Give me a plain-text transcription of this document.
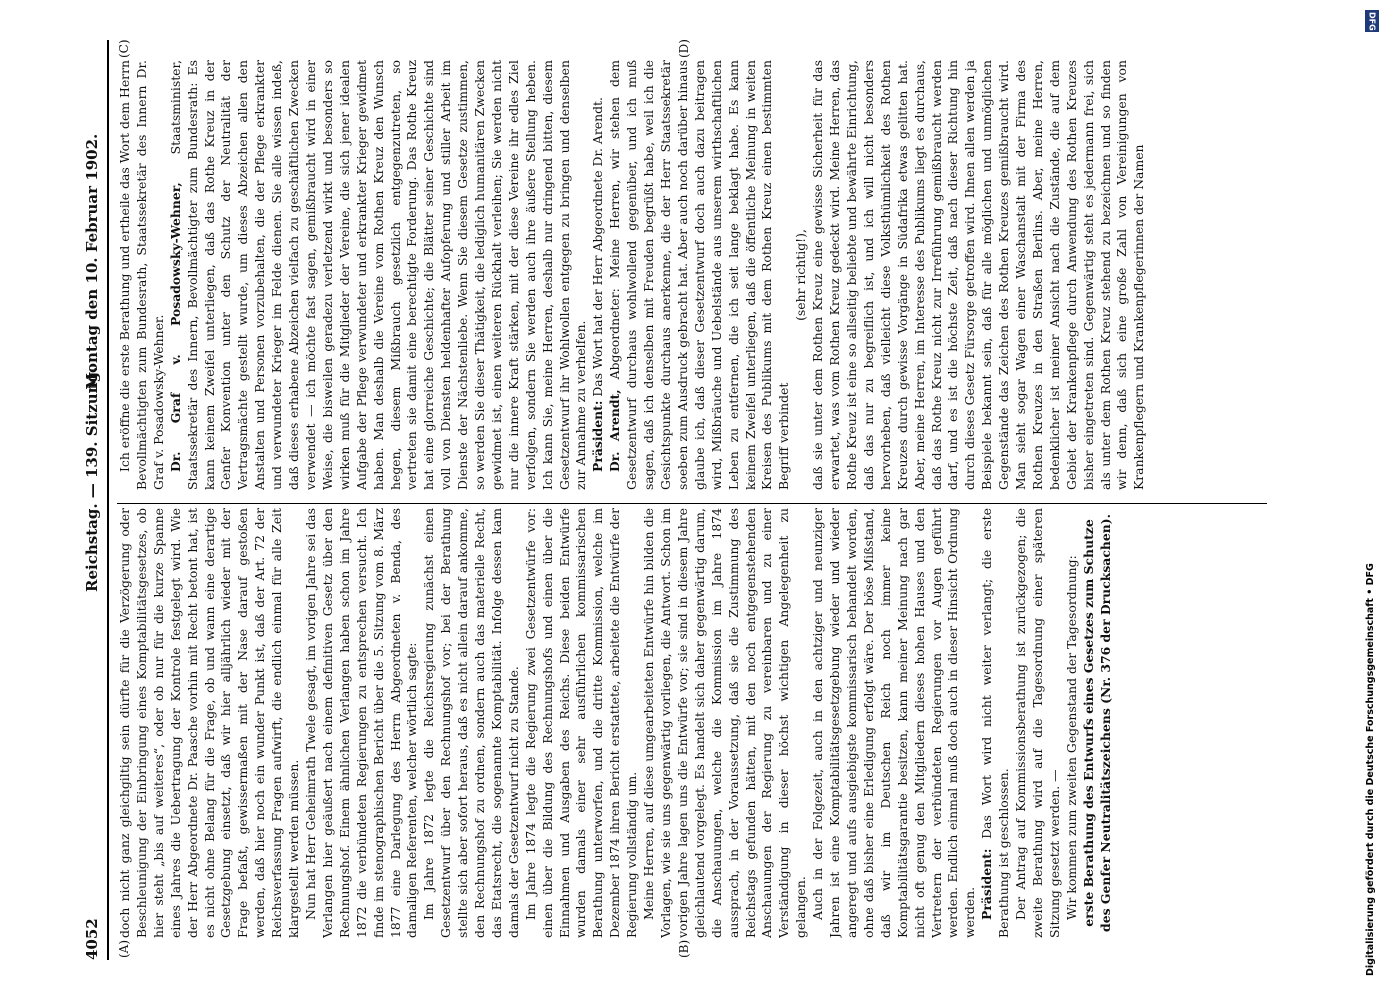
4052
Reichstag. — 139. Sitzung.
Montag den 10. Februar 1902.
(A)	(B)
(C)	(D)

doch nicht ganz gleichgiltig sein dürfte für die Verzögerung oder Beschleunigung der Einbringung eines Komptabilitätsgesetzes, ob hier steht „bis auf weiteres“, oder ob nur für die kurze Spanne eines Jahres die Uebertragung der Kontrole festgelegt wird. Wie der Herr Abgeordnete Dr. Paasche vorhin mit Recht betont hat, ist es nicht ohne Belang für die Frage, ob und wann eine derartige Gesetzgebung einsetzt, daß wir hier alljährlich wieder mit der Frage befaßt, gewissermaßen mit der Nase darauf gestoßen werden, daß hier noch ein wunder Punkt ist, daß der Art. 72 der Reichsverfassung Fragen aufwirft, die endlich einmal für alle Zeit klargestellt werden müssen. Nun hat Herr Geheimrath Twele gesagt, im vorigen Jahre sei das Verlangen hier geäußert nach einem definitiven Gesetz über den Rechnungshof. Einem ähnlichen Verlangen haben schon im Jahre 1872 die verbündeten Regierungen zu entsprechen versucht. Ich finde im stenographischen Bericht über die 5. Sitzung vom 8. März 1877 eine Darlegung des Herrn Abgeordneten v. Benda, des damaligen Referenten, welcher wörtlich sagte: Im Jahre 1872 legte die Reichsregierung zunächst einen Gesetzentwurf über den Rechnungshof vor; bei der Berathung stellte sich aber sofort heraus, daß es nicht allein darauf ankomme, den Rechnungshof zu ordnen, sondern auch das materielle Recht, das Etatsrecht, die sogenannte Komptabilität. Infolge dessen kam damals der Gesetzentwurf nicht zu Stande. Im Jahre 1874 legte die Regierung zwei Gesetzentwürfe vor: einen über die Bildung des Rechnungshofs und einen über die Einnahmen und Ausgaben des Reichs. Diese beiden Entwürfe wurden damals einer sehr ausführlichen kommissarischen Berathung unterworfen, und die dritte Kommission, welche im Dezember 1874 ihren Bericht erstattete, arbeitete die Entwürfe der Regierung vollständig um. Meine Herren, auf diese umgearbeiteten Entwürfe hin bilden die Vorlagen, wie sie uns gegenwärtig vorliegen, die Antwort. Schon im vorigen Jahre lagen uns die Entwürfe vor; sie sind in diesem Jahre gleichlautend vorgelegt. Es handelt sich daher gegenwärtig darum, die Anschauungen, welche die Kommission im Jahre 1874 aussprach, in der Voraussetzung, daß sie die Zustimmung des Reichstags gefunden hätten, mit den noch entgegenstehenden Anschauungen der Regierung zu vereinbaren und zu einer Verständigung in dieser höchst wichtigen Angelegenheit zu gelangen. Auch in der Folgezeit, auch in den achtziger und neunziger Jahren ist eine Komptabilitätsgesetzgebung wieder und wieder angeregt und aufs ausgiebigste kommissarisch behandelt worden, ohne daß bisher eine Erledigung erfolgt wäre. Der böse Mißstand, daß wir im Deutschen Reich noch immer keine Komptabilitätsgarantie besitzen, kann meiner Meinung nach gar nicht oft genug den Mitgliedern dieses hohen Hauses und den Vertretern der verbündeten Regierungen vor Augen geführt werden. Endlich einmal muß doch auch in dieser Hinsicht Ordnung werden. Präsident: Das Wort wird nicht weiter verlangt; die erste Berathung ist geschlossen. Der Antrag auf Kommissionsberathung ist zurückgezogen; die zweite Berathung wird auf die Tagesordnung einer späteren Sitzung gesetzt werden. — Wir kommen zum zweiten Gegenstand der Tagesordnung: erste Berathung des Entwurfs eines Gesetzes zum Schutze des Genfer Neutralitätszeichens (Nr. 376 der Drucksachen).

Ich eröffne die erste Berathung und ertheile das Wort dem Herrn Bevollmächtigten zum Bundesrath, Staatssekretär des Innern Dr. Graf v. Posadowsky-Wehner. Dr. Graf v. Posadowsky-Wehner, Staatsminister, Staatssekretär des Innern, Bevollmächtigter zum Bundesrath: Es kann keinem Zweifel unterliegen, daß das Rothe Kreuz in der Genfer Konvention unter den Schutz der Neutralität der Vertragsmächte gestellt wurde, um dieses Abzeichen allen den Anstalten und Personen vorzubehalten, die der Pflege erkrankter und verwundeter Krieger im Felde dienen. Sie alle wissen indeß, daß dieses erhabene Abzeichen vielfach zu geschäftlichen Zwecken verwendet — ich möchte fast sagen, gemißbraucht wird in einer Weise, die bisweilen geradezu verletzend wirkt und besonders so wirken muß für die Mitglieder der Vereine, die sich jener idealen Aufgabe der Pflege verwundeter und erkrankter Krieger gewidmet haben. Man deshalb die Vereine vom Rothen Kreuz den Wunsch hegen, diesem Mißbrauch gesetzlich entgegenzutreten, so vertreten sie damit eine berechtigte Forderung. Das Rothe Kreuz hat eine glorreiche Geschichte; die Blätter seiner Geschichte sind voll von Diensten heldenhafter Aufopferung und stiller Arbeit im Dienste der Nächstenliebe. Wenn Sie diesem Gesetze zustimmen, so werden Sie dieser Thätigkeit, die lediglich humanitären Zwecken gewidmet ist, einen weiteren Rückhalt verleihen; Sie werden nicht nur die innere Kraft stärken, mit der diese Vereine ihr edles Ziel verfolgen, sondern Sie werden auch ihre äußere Stellung heben. Ich kann Sie, meine Herren, deshalb nur dringend bitten, diesem Gesetzentwurf ihr Wohlwollen entgegen zu bringen und denselben zur Annahme zu verhelfen. Präsident: Das Wort hat der Herr Abgeordnete Dr. Arendt.

Dr. Arendt, Abgeordneter: Meine Herren, wir stehen dem Gesetzentwurf durchaus wohlwollend gegenüber, und ich muß sagen, daß ich denselben mit Freuden begrüßt habe, weil ich die Gesichtspunkte durchaus anerkenne, die der Herr Staatssekretär soeben zum Ausdruck gebracht hat. Aber auch noch darüber hinaus glaube ich, daß dieser Gesetzentwurf doch auch dazu beitragen wird, Mißbräuche und Uebelstände aus unserem wirthschaftlichen Leben zu entfernen, die ich seit lange beklagt habe. Es kann keinem Zweifel unterliegen, daß die öffentliche Meinung in weiten Kreisen des Publikums mit dem Rothen Kreuz einen bestimmten Begriff verbindet

(sehr richtig!), daß sie unter dem Rothen Kreuz eine gewisse Sicherheit für das erwartet, was vom Rothen Kreuz gedeckt wird. Meine Herren, das Rothe Kreuz ist eine so allseitig beliebte und bewährte Einrichtung, daß das nur zu begreiflich ist, und ich will nicht besonders hervorheben, daß vielleicht diese Volksthümlichkeit des Rothen Kreuzes durch gewisse Vorgänge in Südafrika etwas gelitten hat. Aber, meine Herren, im Interesse des Publikums liegt es durchaus, daß das Rothe Kreuz nicht zur Irreführung gemißbraucht werden darf, und es ist die höchste Zeit, daß nach dieser Richtung hin durch dieses Gesetz Fürsorge getroffen wird. Ihnen allen werden ja Beispiele bekannt sein, daß für alle möglichen und unmöglichen Gegenstände das Zeichen des Rothen Kreuzes gemißbraucht wird. Man sieht sogar Wagen einer Waschanstalt mit der Firma des Rothen Kreuzes in den Straßen Berlins. Aber, meine Herren, bedenklicher ist meiner Ansicht nach die Zustände, die auf dem Gebiet der Krankenpflege durch Anwendung des Rothen Kreuzes bisher eingetreten sind. Gegenwärtig steht es jedermann frei, sich als unter dem Rothen Kreuz stehend zu bezeichnen und so finden wir denn, daß sich eine große Zahl von Vereinigungen von Krankenpflegern und Krankenpflegerinnen der Namen

DFG
Digitalisierung gefördert durch die Deutsche Forschungsgemeinschaft • DFG
